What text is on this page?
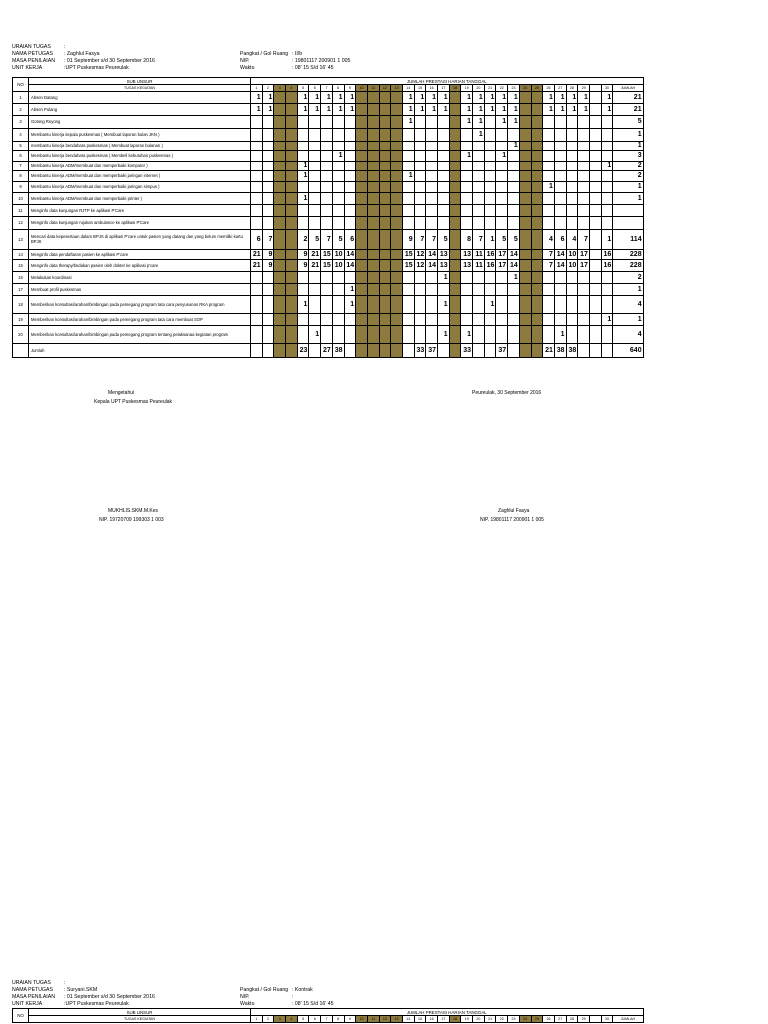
URAIAN TUGAS	:
NAMA PETUGAS : Zaghlul Fasya
MASA PENILAIAN : 01 September s/d 30 September 2016
UNIT KERJA	:UPT Puskesmas Peureulak
Pangkat / Gol Ruang : II/b
NIP.	: 19801117 200901 1 005
Waktu	: 08' 15 S/d 16' 45
NO	SUB UNSUR	JUMLAH PRESTASI HARIAN TANGGAL																															
	TUGAS KEGIATAN	1	2	3	4	5	6	7	8	9	10	11	12	13	14	15	16	17	18	19	20	21	22	23	24	25	26	27	28	29		30	JUMLAH
1	Absen Datang	1	1			1	1	1	1	1					1	1	1	1		1	1	1	1	1			1	1	1	1		1	21
2	Absen Pulang	1	1			1	1	1	1	1					1	1	1	1		1	1	1	1	1			1	1	1	1		1	21
3	Gotong Royong														1					1	1		1	1									5
4	Membantu kinerja kepala puskesmas ( Membuat laporan bulan JKN )																				1												1
5	membantu kinerja bendahara puskesmas ( Membuat laporan bulanan )																							1									1
6	Membantu kinerja bendahara puskesmas ( Membeli kebutuhan puskesmas )								1											1			1										3
7	Membantu kinerja ADM/membuat dan memperbaiki komputer )					1																										1	2
8	Membantu kinerja ADM/membuat dan memperbaiki jaringan internet )					1									1																		2
9	Membantu kinerja ADM/membuat dan memperbaiki jaringan simpus )																										1						1
10	Membantu kinerja ADM/membuat dan memperbaiki printer )					1																											1
11	Menginfo data kunjungan RJTP ke aplikasi P'Care																																
12	Menginfo data kunjungan rujukan ambulance ke aplikasi P'Care																																
13	Mencari data kepesertaan dalam BPJS di aplikasi P'care untuk pasien yang datang dan yang belum memiliki kartu BPJS	6	7			2	5	7	5	6					9	7	7	5		8	7	1	5	5			4	6	4	7		1	114
14	Menginfo data pendaftaran pasien ke aplikasi P'care	21	9			9	21	15	10	14					15	12	14	13		13	11	16	17	14			7	14	10	17		16	228
15	Menginfo data therapy/tindakan pasien oleh dokter ke aplikasi p'care	21	9			9	21	15	10	14					15	12	14	13		13	11	16	17	14			7	14	10	17		16	228
16	Melakukan koordinasi																	1						1									2
17	Membuat profil puskesmas									1																							1
18	Memberikan konsultasi/arahan/bimbingan pada pemegang program tata cara penyusunan RKA program					1				1								1				1											4
19	Memberikan konsultasi/arahan/bimbingan pada pemegang program tata cara membuat SOP																															1	1
20	Memberikan konsultasi/arahan/bimbingan pada pemegang program tentang pelaksanaa kegiatan program						1											1		1								1					4
	Jumlah					23		27	38							33	37			33			37				21	38	38				640
Mengetahui
Kepala UPT Puskesmas Peureulak
MUKHLIS.SKM.M.Kes
NIP. 19720709 199303 1 003
Peureulak, 30 September 2016
Zaghlul Fasya
NIP. 19801117 200901 1 005
URAIAN TUGAS	:
NAMA PETUGAS : Suryani.SKM
MASA PENILAIAN : 01 September s/d 30 September 2016
UNIT KERJA	:UPT Puskesmas Peureulak
Pangkat / Gol Ruang : Kontrak
NIP.	:
Waktu	: 08' 15 S/d 16' 45
NO	SUB UNSUR	JUMLAH PRESTASI HARIAN TANGGAL																															
	TUGAS KEGIATAN	1	2	3	4	5	6	7	8	9	10	11	12	13	14	15	16	17	18	19	20	21	22	23	24	25	26	27	28	29		30	JUMLAH
